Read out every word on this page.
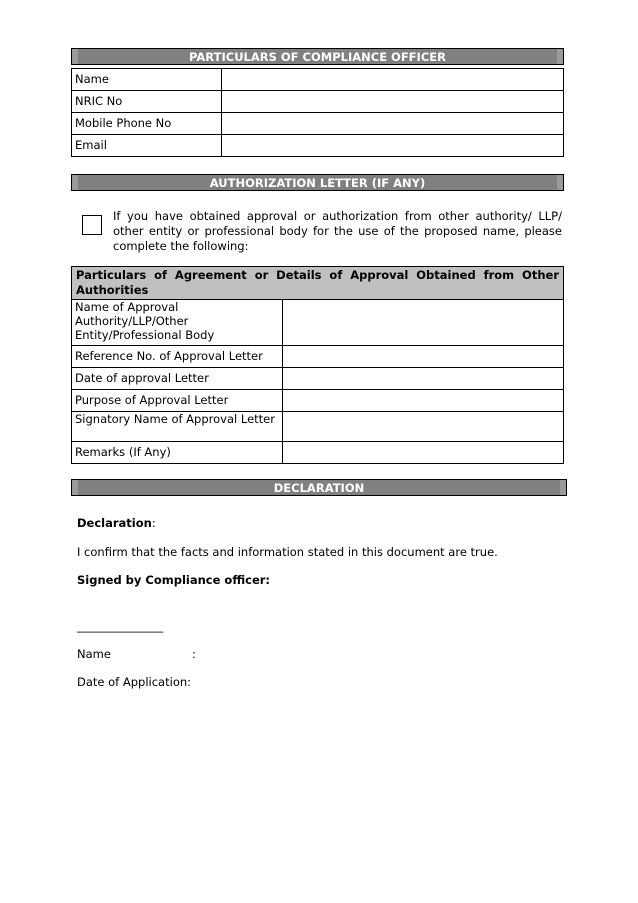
PARTICULARS OF COMPLIANCE OFFICER
Name	
NRIC No	
Mobile Phone No	
Email	
AUTHORIZATION LETTER (IF ANY)
If you have obtained approval or authorization from other authority/ LLP/ other entity or professional body for the use of the proposed name, please complete the following:
Particulars of Agreement or Details of Approval Obtained from Other Authorities	
Name of Approval Authority/LLP/Other Entity/Professional Body	
Reference No. of Approval Letter	
Date of approval Letter	
Purpose of Approval Letter	
Signatory Name of Approval Letter	
Remarks (If Any)	
DECLARATION
Declaration:
I confirm that the facts and information stated in this document are true.
Signed by Compliance officer:
_______________
Name	:
Date of Application:
